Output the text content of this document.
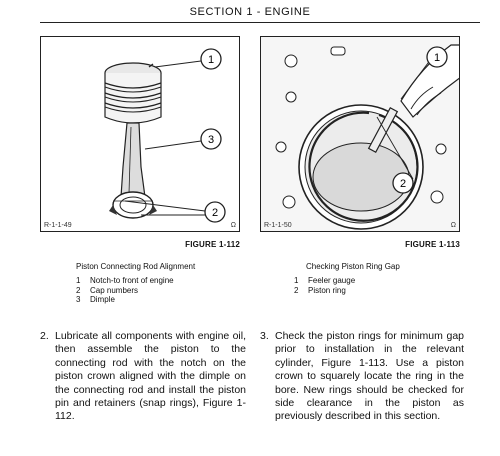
SECTION 1 - ENGINE
1
3
2
R-1-1-49	Ω
1
2
R-1-1-50	Ω
FIGURE 1-112	FIGURE 1-113
Piston Connecting Rod Alignment	Checking Piston Ring Gap
1	Notch-to front of engine
2	Cap numbers
3	Dimple
1	Feeler gauge
2	Piston ring
2. Lubricate all components with engine oil, then assemble the piston to the connecting rod with the notch on the piston crown aligned with the dimple on the connecting rod and install the piston pin and retainers (snap rings), Figure 1-112.
3. Check the piston rings for minimum gap prior to installation in the relevant cylinder, Figure 1-113. Use a piston crown to squarely locate the ring in the bore. New rings should be checked for side clearance in the piston as previously described in this section.
